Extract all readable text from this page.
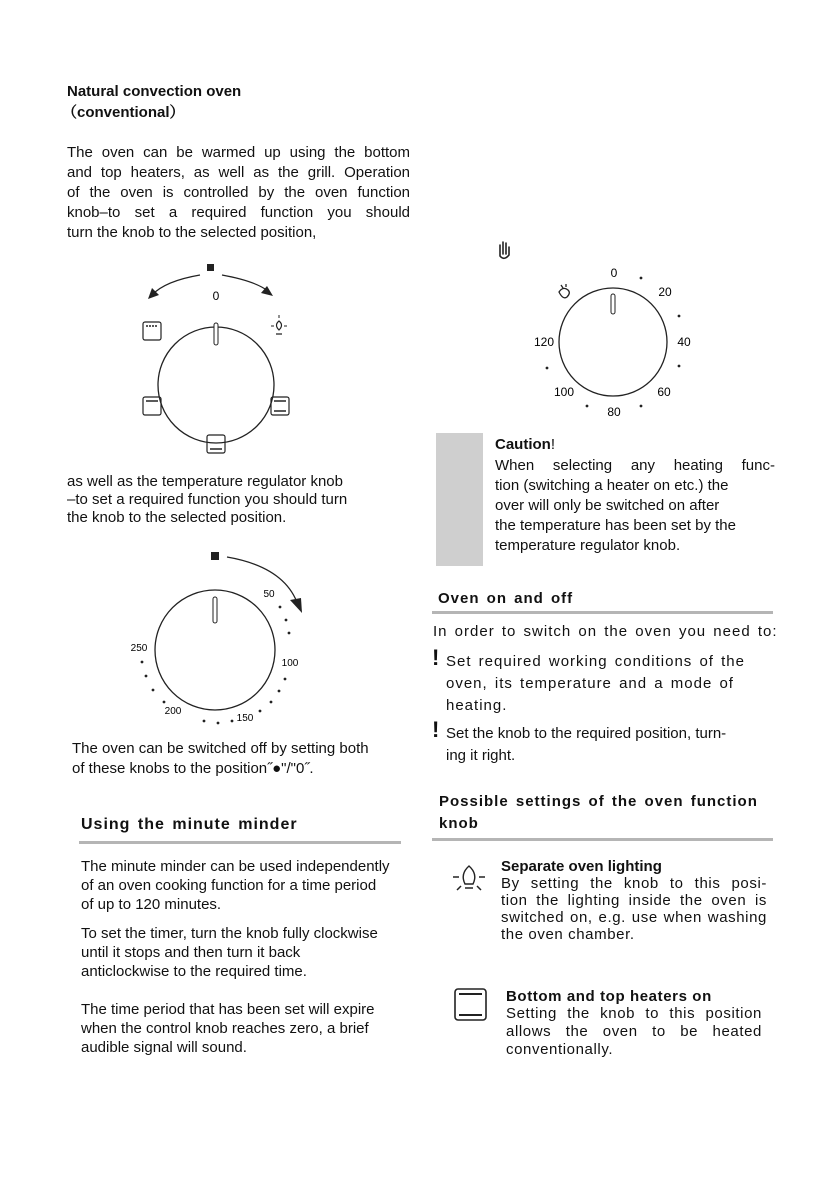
Natural convection oven

（conventional）

The oven can be warmed up using the bottom

and top heaters, as well as the grill. Operation

of the oven is controlled by the oven function

knob–to set a required function you should

turn the knob to the selected position,

0

as well as the temperature regulator knob

–to set a required function you should turn

the knob to the selected position.

50
100
150
200
250

The oven can be switched off by setting both

of these knobs to the position˝●"/"0˝.

Using the minute minder

The minute minder can be used independently

of an oven cooking function for a time period

of up to 120 minutes.

To set the timer, turn the knob fully clockwise

until it stops and then turn it back

anticlockwise to the required time.

The time period that has been set will expire

when the control knob reaches zero, a brief

audible signal will sound.

0
20
40
60
80
100
120

Caution!

When selecting any heating func-

tion (switching a heater on etc.) the

over will only be switched on after

the temperature has been set by the

temperature regulator knob.

Oven on and off

In order to switch on the oven you need to:

! Set required working conditions of the

oven, its temperature and a mode of

heating.

! Set the knob to the required position, turn-

ing it right.

Possible settings of the oven function

knob

Separate oven lighting

By setting the knob to this posi-

tion the lighting inside the oven is

switched on, e.g. use when washing

the oven chamber.

Bottom and top heaters on

Setting the knob to this position

allows the oven to be heated

conventionally.
